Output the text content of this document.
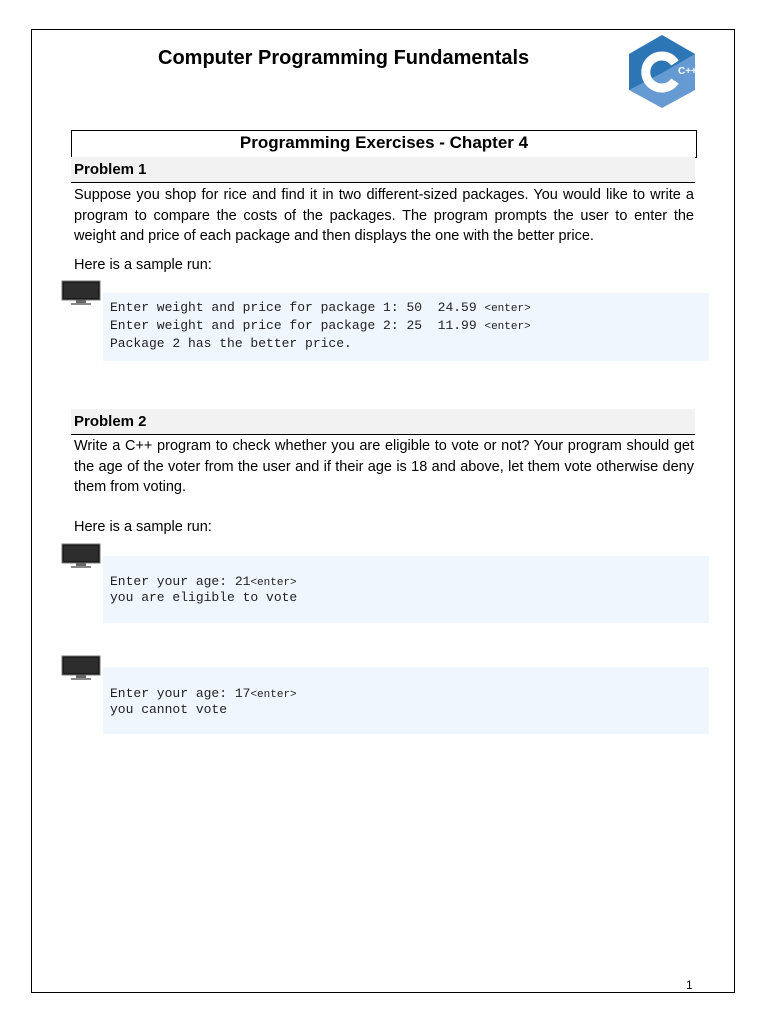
Computer Programming Fundamentals
C++
Programming Exercises - Chapter 4
Problem 1

Suppose you shop for rice and find it in two different-sized packages. You would like to write a program to compare the costs of the packages. The program prompts the user to enter the weight and price of each package and then displays the one with the better price.

Here is a sample run:
Enter weight and price for package 1: 50  24.59 <enter>
Enter weight and price for package 2: 25  11.99 <enter>
Package 2 has the better price.
Problem 2

Write a C++ program to check whether you are eligible to vote or not? Your program should get the age of the voter from the user and if their age is 18 and above, let them vote otherwise deny them from voting.

Here is a sample run:
Enter your age: 21<enter>
you are eligible to vote
Enter your age: 17<enter>
you cannot vote
1
